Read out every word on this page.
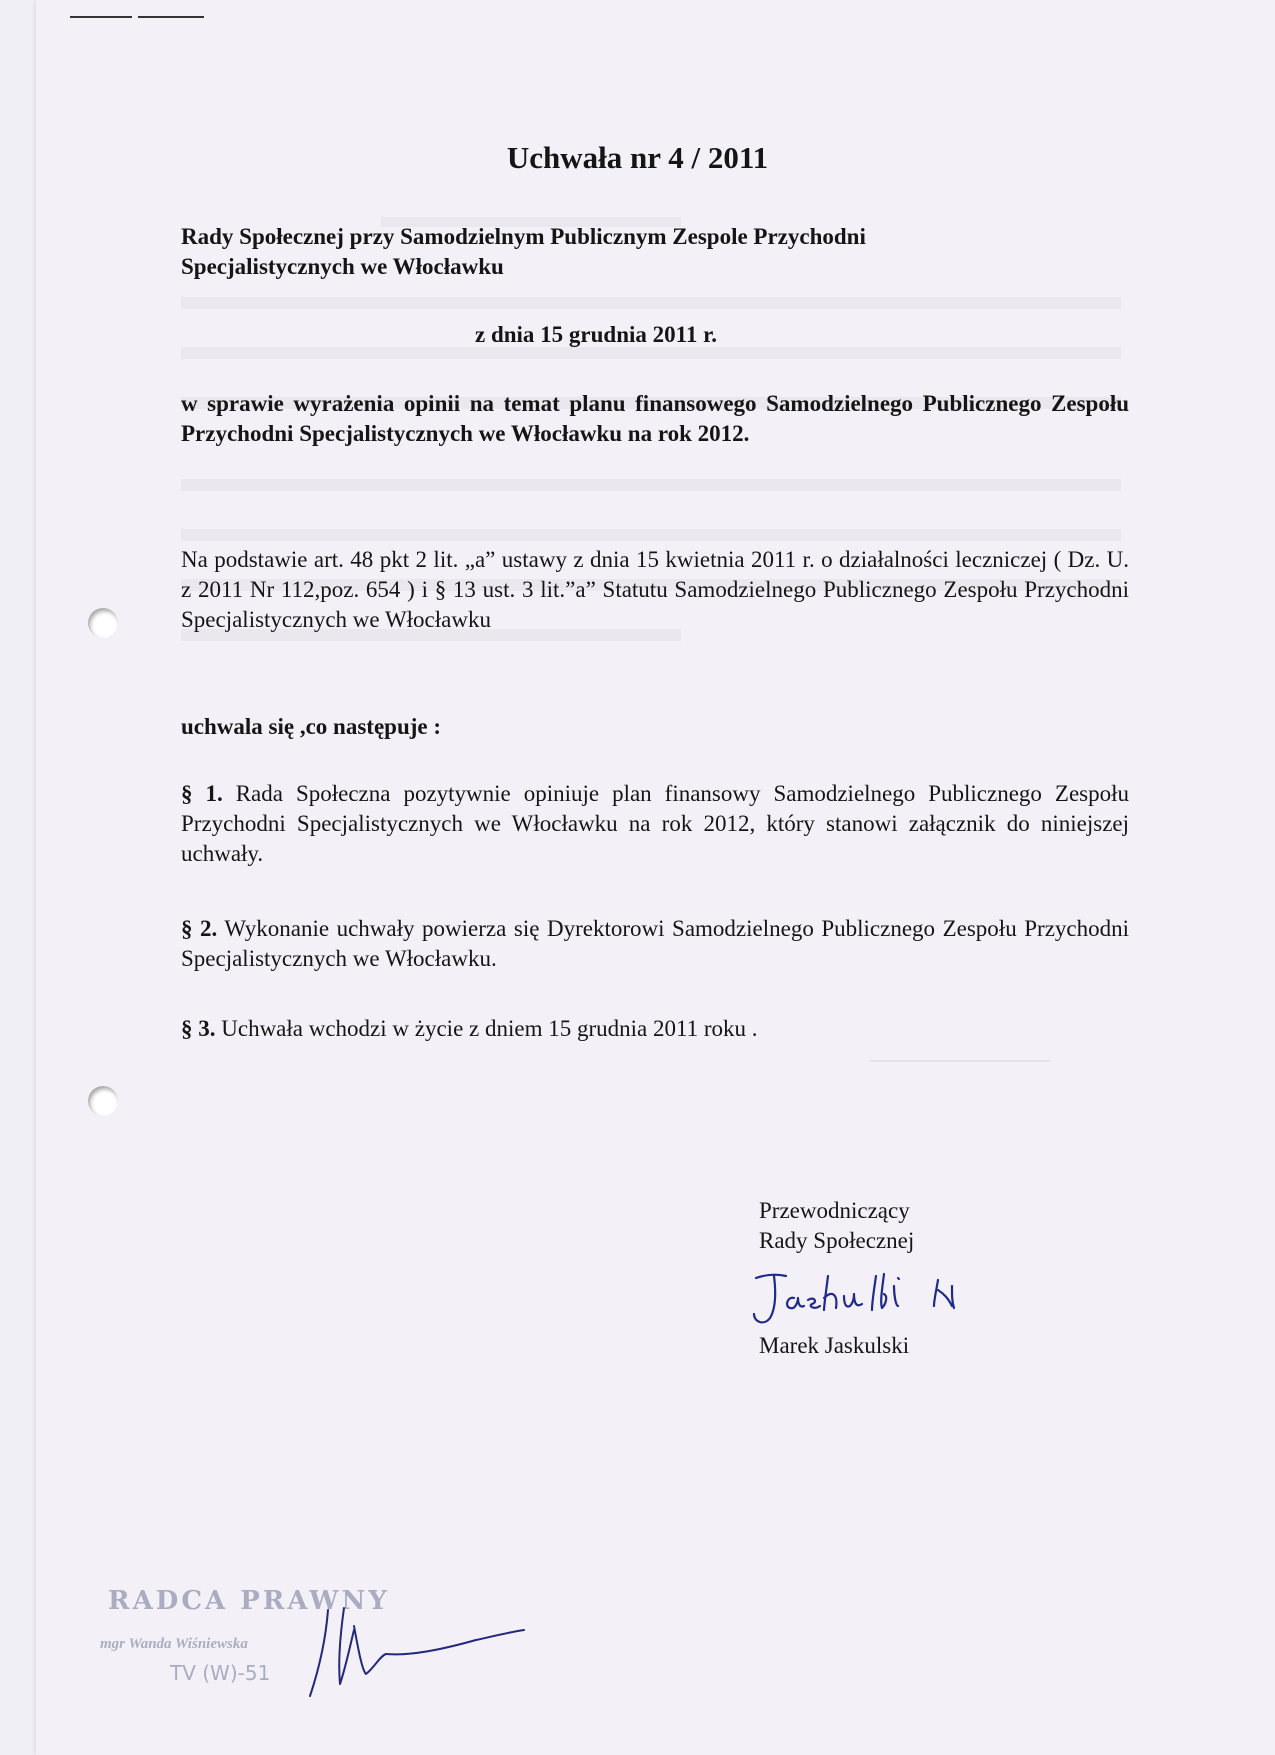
Uchwała nr 4 / 2011
Rady Społecznej przy Samodzielnym Publicznym Zespole Przychodni
Specjalistycznych we Włocławku
z dnia 15 grudnia 2011 r.
w sprawie wyrażenia opinii na temat planu finansowego Samodzielnego Publicznego Zespołu Przychodni Specjalistycznych we Włocławku na rok 2012.
Na podstawie art. 48 pkt 2 lit. „a” ustawy z dnia 15 kwietnia 2011 r. o działalności leczniczej ( Dz. U. z 2011 Nr 112,poz. 654 ) i § 13 ust. 3 lit.”a” Statutu Samodzielnego Publicznego Zespołu Przychodni Specjalistycznych we Włocławku
uchwala się ,co następuje :
§ 1. Rada Społeczna pozytywnie opiniuje plan finansowy Samodzielnego Publicznego Zespołu Przychodni Specjalistycznych we Włocławku na rok 2012, który stanowi załącznik do niniejszej uchwały.
§ 2. Wykonanie uchwały powierza się Dyrektorowi Samodzielnego Publicznego Zespołu Przychodni Specjalistycznych we Włocławku.
§ 3. Uchwała wchodzi w życie z dniem 15 grudnia 2011 roku .
Przewodniczący
Rady Społecznej
Marek Jaskulski
RADCA PRAWNY
mgr Wanda Wiśniewska
TV (W)-51
